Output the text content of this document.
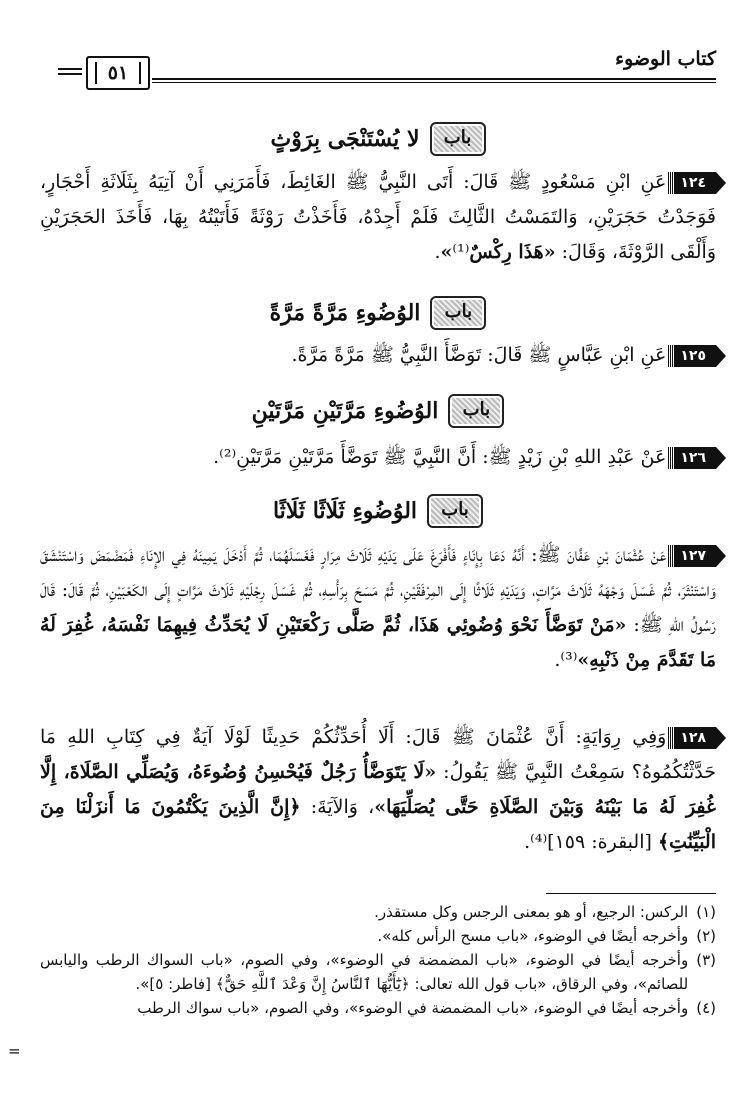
كتاب الوضوء
٥١
باب
لا يُسْتَنْجَى بِرَوْثٍ
١٢٤عَنِ ابْنِ مَسْعُودٍ ﷺ قَالَ: أَتَى النَّبِيُّ ﷺ الغَائِطَ، فَأَمَرَنِي أَنْ آتِيَهُ بِثَلَاثَةِ أَحْجَارٍ، فَوَجَدْتُ حَجَرَيْنِ، وَالتَمَسْتُ الثَّالِثَ فَلَمْ أَجِدْهُ، فَأَخَذْتُ رَوْثَةً فَأَتَيْتُهُ بِهَا، فَأَخَذَ الحَجَرَيْنِ وَأَلْقَى الرَّوْثَةَ، وَقَالَ: «هَذَا رِكْسٌ⁽¹⁾».
باب
الوُضُوءِ مَرَّةً مَرَّةً
١٢٥عَنِ ابْنِ عَبَّاسٍ ﷺ قَالَ: تَوَضَّأَ النَّبِيُّ ﷺ مَرَّةً مَرَّةً.
باب
الوُضُوءِ مَرَّتَيْنِ مَرَّتَيْنِ
١٢٦عَنْ عَبْدِ اللهِ بْنِ زَيْدٍ ﷺ: أَنَّ النَّبِيَّ ﷺ تَوَضَّأَ مَرَّتَيْنِ مَرَّتَيْنِ⁽²⁾.
باب
الوُضُوءِ ثَلَاثًا ثَلَاثًا
١٢٧عَنْ عُثْمَانَ بْنِ عَفَّانَ ﷺ: أَنَّهُ دَعَا بِإِنَاءٍ فَأَفْرَغَ عَلَى يَدَيْهِ ثَلَاثَ مِرَارٍ فَغَسَلَهُمَا، ثُمَّ أَدْخَلَ يَمِينَهُ فِي الإِنَاءِ فَمَضْمَضَ وَاسْتَنْشَقَ وَاسْتَنْثَرَ، ثُمَّ غَسَلَ وَجْهَهُ ثَلَاثَ مَرَّاتٍ، وَيَدَيْهِ ثَلَاثًا إِلَى المِرْفَقَيْنِ، ثُمَّ مَسَحَ بِرَأْسِهِ، ثُمَّ غَسَلَ رِجْلَيْهِ ثَلَاثَ مَرَّاتٍ إِلَى الكَعْبَيْنِ، ثُمَّ قَالَ: قَالَ رَسُولُ اللهِ ﷺ: «مَنْ تَوَضَّأَ نَحْوَ وُضُوئِي هَذَا، ثُمَّ صَلَّى رَكْعَتَيْنِ لَا يُحَدِّثُ فِيهِمَا نَفْسَهُ، غُفِرَ لَهُ مَا تَقَدَّمَ مِنْ ذَنْبِهِ»⁽³⁾.
١٢٨وَفِي رِوَايَةٍ: أَنَّ عُثْمَانَ ﷺ قَالَ: أَلَا أُحَدِّثُكُمْ حَدِيثًا لَوْلَا آيَةٌ فِي كِتَابِ اللهِ مَا حَدَّثْتُكُمُوهُ؟ سَمِعْتُ النَّبِيَّ ﷺ يَقُولُ: «لَا يَتَوَضَّأُ رَجُلٌ فَيُحْسِنُ وُضُوءَهُ، وَيُصَلِّي الصَّلَاةَ، إِلَّا غُفِرَ لَهُ مَا بَيْنَهُ وَبَيْنَ الصَّلَاةِ حَتَّى يُصَلِّيَهَا»، وَالآيَةَ: ﴿إِنَّ الَّذِينَ يَكْتُمُونَ مَا أَنزَلْنَا مِنَ الْبَيِّنَٰتِ﴾ [البقرة: ١٥٩]⁽⁴⁾.

(١)
الركس: الرجيع، أو هو بمعنى الرجس وكل مستقذر.

(٢)
وأخرجه أيضًا في الوضوء، «باب مسح الرأس كله».

(٣)
وأخرجه أيضًا في الوضوء، «باب المضمضة في الوضوء»، وفي الصوم، «باب السواك الرطب واليابس للصائم»، وفي الرقاق، «باب قول الله تعالى: ﴿يَٰٓأَيُّهَا ٱلنَّاسُ إِنَّ وَعْدَ ٱللَّهِ حَقٌّ﴾ [فاطر: ٥]».

(٤)
وأخرجه أيضًا في الوضوء، «باب المضمضة في الوضوء»، وفي الصوم، «باب سواك الرطب

=
